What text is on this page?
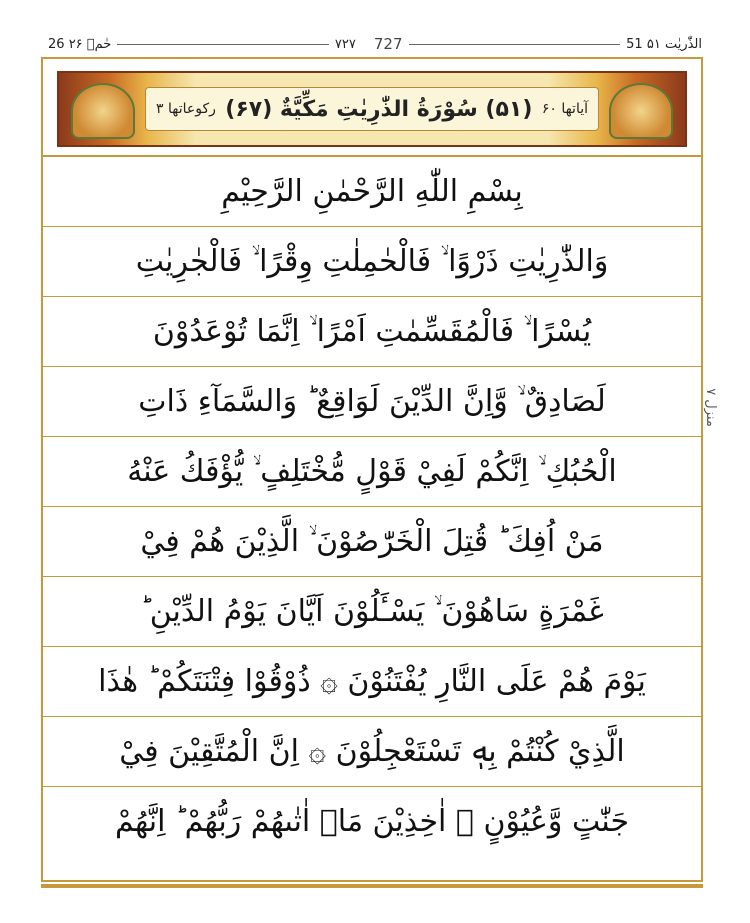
26 حٰمۗ ۲۶	۷۲۷ 727	51 الذّٰریٰت ۵۱
آیاتھا ۶۰
(۵۱) سُوْرَةُ الذّٰرِيٰتِ مَكِّيَّةٌ (۶۷)
رکوعاتھا ۳
بِسْمِ اللّٰهِ الرَّحْمٰنِ الرَّحِيْمِ
وَالذّٰرِيٰتِ ذَرْوًا ۙ فَالْحٰمِلٰتِ وِقْرًا ۙ فَالْجٰرِيٰتِ
يُسْرًا ۙ فَالْمُقَسِّمٰتِ اَمْرًا ۙ اِنَّمَا تُوْعَدُوْنَ
لَصَادِقٌ ۙ وَّاِنَّ الدِّيْنَ لَوَاقِعٌ ؕ وَالسَّمَآءِ ذَاتِ
الْحُبُكِ ۙ اِنَّكُمْ لَفِيْ قَوْلٍ مُّخْتَلِفٍ ۙ يُّؤْفَكُ عَنْهُ
مَنْ اُفِكَ ؕ قُتِلَ الْخَرّٰصُوْنَ ۙ الَّذِيْنَ هُمْ فِيْ
غَمْرَةٍ سَاهُوْنَ ۙ يَسْـَٔلُوْنَ اَيَّانَ يَوْمُ الدِّيْنِ ؕ
يَوْمَ هُمْ عَلَى النَّارِ يُفْتَنُوْنَ ۞ ذُوْقُوْا فِتْنَتَكُمْ ؕ هٰذَا
الَّذِيْ كُنْتُمْ بِهٖ تَسْتَعْجِلُوْنَ ۞ اِنَّ الْمُتَّقِيْنَ فِيْ
جَنّٰتٍ وَّعُيُوْنٍ ۙ اٰخِذِيْنَ مَاۤ اٰتٰىهُمْ رَبُّهُمْ ؕ اِنَّهُمْ
منزل ۷
